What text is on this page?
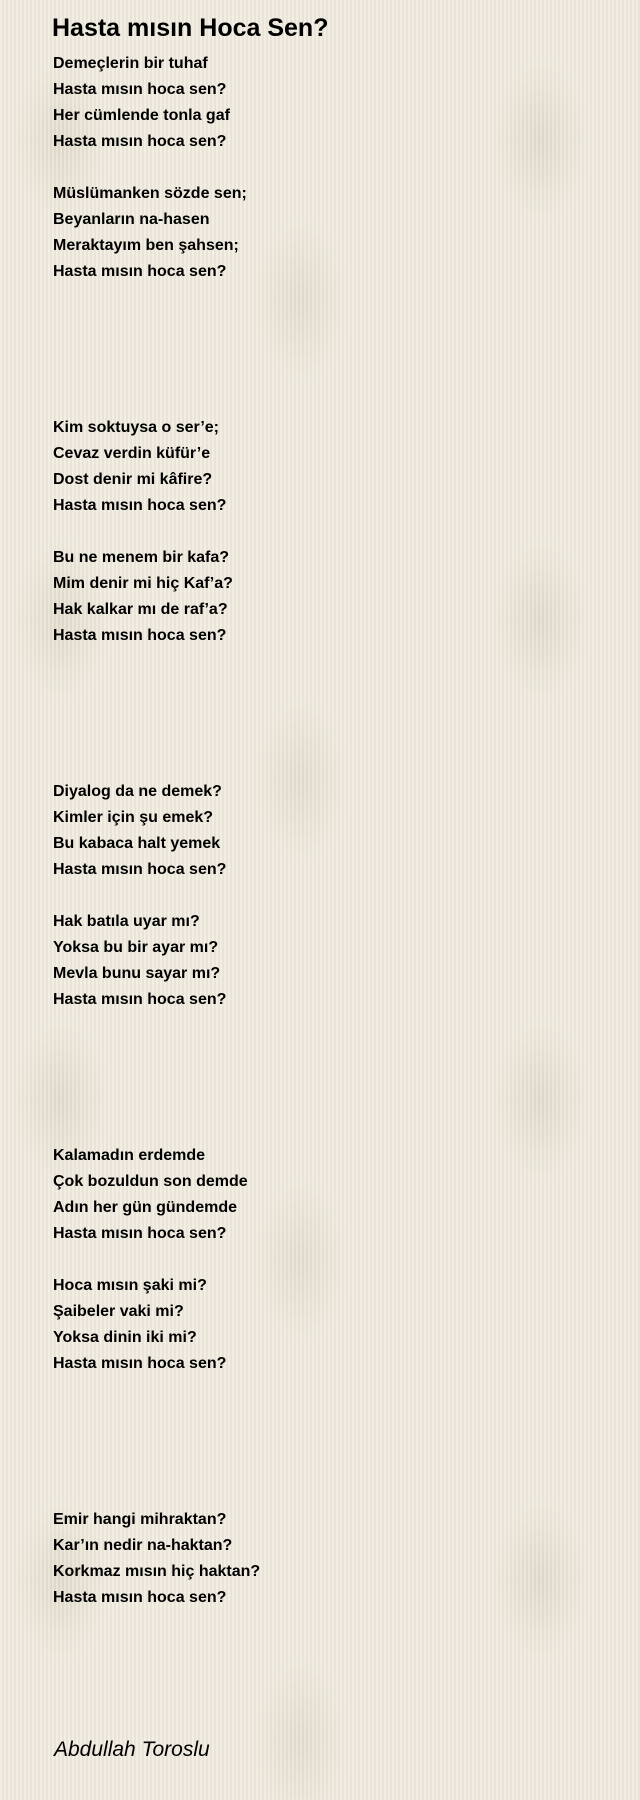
Hasta mısın Hoca Sen?
Demeçlerin bir tuhaf
Hasta mısın hoca sen?
Her cümlende tonla gaf
Hasta mısın hoca sen?
Müslümanken sözde sen;
Beyanların na-hasen
Meraktayım ben şahsen;
Hasta mısın hoca sen?
Kim soktuysa o ser’e;
Cevaz verdin küfür’e
Dost denir mi kâfire?
Hasta mısın hoca sen?
Bu ne menem bir kafa?
Mim denir mi hiç Kaf’a?
Hak kalkar mı de raf’a?
Hasta mısın hoca sen?
Diyalog da ne demek?
Kimler için şu emek?
Bu kabaca halt yemek
Hasta mısın hoca sen?
Hak batıla uyar mı?
Yoksa bu bir ayar mı?
Mevla bunu sayar mı?
Hasta mısın hoca sen?
Kalamadın erdemde
Çok bozuldun son demde
Adın her gün gündemde
Hasta mısın hoca sen?
Hoca mısın şaki mi?
Şaibeler vaki mi?
Yoksa dinin iki mi?
Hasta mısın hoca sen?
Emir hangi mihraktan?
Kar’ın nedir na-haktan?
Korkmaz mısın hiç haktan?
Hasta mısın hoca sen?
Abdullah Toroslu
